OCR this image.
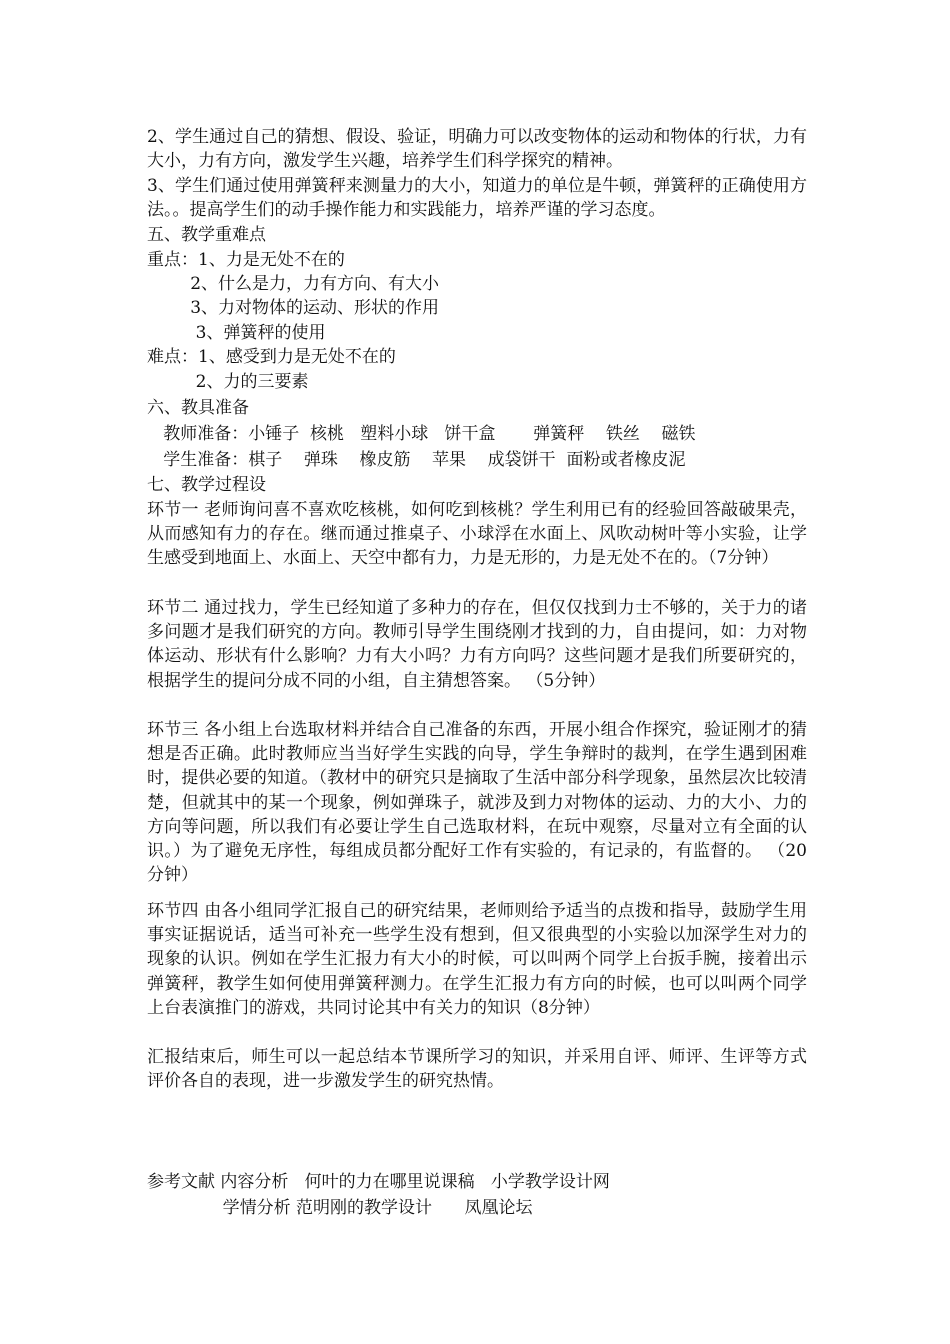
2、学生通过自己的猜想、假设、验证，明确力可以改变物体的运动和物体的行状，力有大小，力有方向，激发学生兴趣，培养学生们科学探究的精神。
3、学生们通过使用弹簧秤来测量力的大小，知道力的单位是牛顿，弹簧秤的正确使用方法。。提高学生们的动手操作能力和实践能力，培养严谨的学习态度。
五、教学重难点
重点：1、力是无处不在的
2、什么是力，力有方向、有大小
3、力对物体的运动、形状的作用
3、弹簧秤的使用
难点：1、感受到力是无处不在的
2、力的三要素
六、教具准备
教师准备：小锤子  核桃   塑料小球   饼干盒       弹簧秤    铁丝    磁铁
学生准备：棋子    弹珠    橡皮筋    苹果    成袋饼干  面粉或者橡皮泥
七、教学过程设
环节一 老师询问喜不喜欢吃核桃，如何吃到核桃？学生利用已有的经验回答敲破果壳，从而感知有力的存在。继而通过推桌子、小球浮在水面上、风吹动树叶等小实验，让学生感受到地面上、水面上、天空中都有力，力是无形的，力是无处不在的。（7分钟）
环节二 通过找力，学生已经知道了多种力的存在，但仅仅找到力士不够的，关于力的诸多问题才是我们研究的方向。教师引导学生围绕刚才找到的力，自由提问，如：力对物体运动、形状有什么影响？力有大小吗？力有方向吗？这些问题才是我们所要研究的，根据学生的提问分成不同的小组，自主猜想答案。 （5分钟）
环节三 各小组上台选取材料并结合自己准备的东西，开展小组合作探究，验证刚才的猜想是否正确。此时教师应当当好学生实践的向导，学生争辩时的裁判，在学生遇到困难时，提供必要的知道。（教材中的研究只是摘取了生活中部分科学现象，虽然层次比较清楚，但就其中的某一个现象，例如弹珠子，就涉及到力对物体的运动、力的大小、力的方向等问题，所以我们有必要让学生自己选取材料，在玩中观察，尽量对立有全面的认识。）为了避免无序性，每组成员都分配好工作有实验的，有记录的，有监督的。 （20分钟）
环节四 由各小组同学汇报自己的研究结果，老师则给予适当的点拨和指导，鼓励学生用事实证据说话，适当可补充一些学生没有想到，但又很典型的小实验以加深学生对力的现象的认识。例如在学生汇报力有大小的时候，可以叫两个同学上台扳手腕，接着出示弹簧秤，教学生如何使用弹簧秤测力。在学生汇报力有方向的时候，也可以叫两个同学上台表演推门的游戏，共同讨论其中有关力的知识（8分钟）
汇报结束后，师生可以一起总结本节课所学习的知识，并采用自评、师评、生评等方式评价各自的表现，进一步激发学生的研究热情。
参考文献 内容分析   何叶的力在哪里说课稿   小学教学设计网
学情分析 范明刚的教学设计      凤凰论坛
